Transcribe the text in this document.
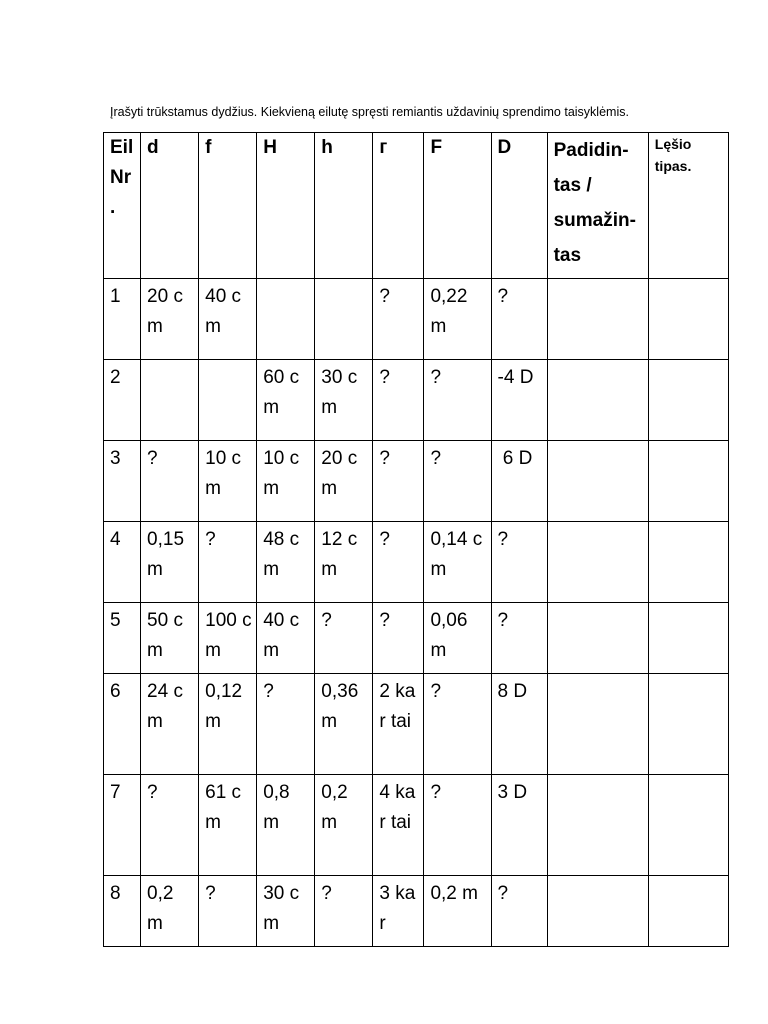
Įrašyti trūkstamus dydžius. Kiekvieną eilutę spręsti remiantis uždavinių sprendimo taisyklėmis.
Eil Nr .	d	f	H	h	г	F	D	Padidin- tas / sumažin- tas	Lęšio tipas.
1	20 cm	40 cm			?	0,22 m	?		
2			60 cm	30 cm	?	?	-4 D		
3	?	10 cm	10 cm	20 cm	?	?	6 D		
4	0,15 m	?	48 cm	12 cm	?	0,14 cm	?		
5	50 cm	100 cm	40 cm	?	?	0,06 m	?		
6	24 cm	0,12 m	?	0,36 m	2 kar tai	?	8 D		
7	?	61 cm	0,8 m	0,2 m	4 kar tai	?	3 D		
8	0,2 m	?	30 cm	?	3 kar	0,2 m	?		
